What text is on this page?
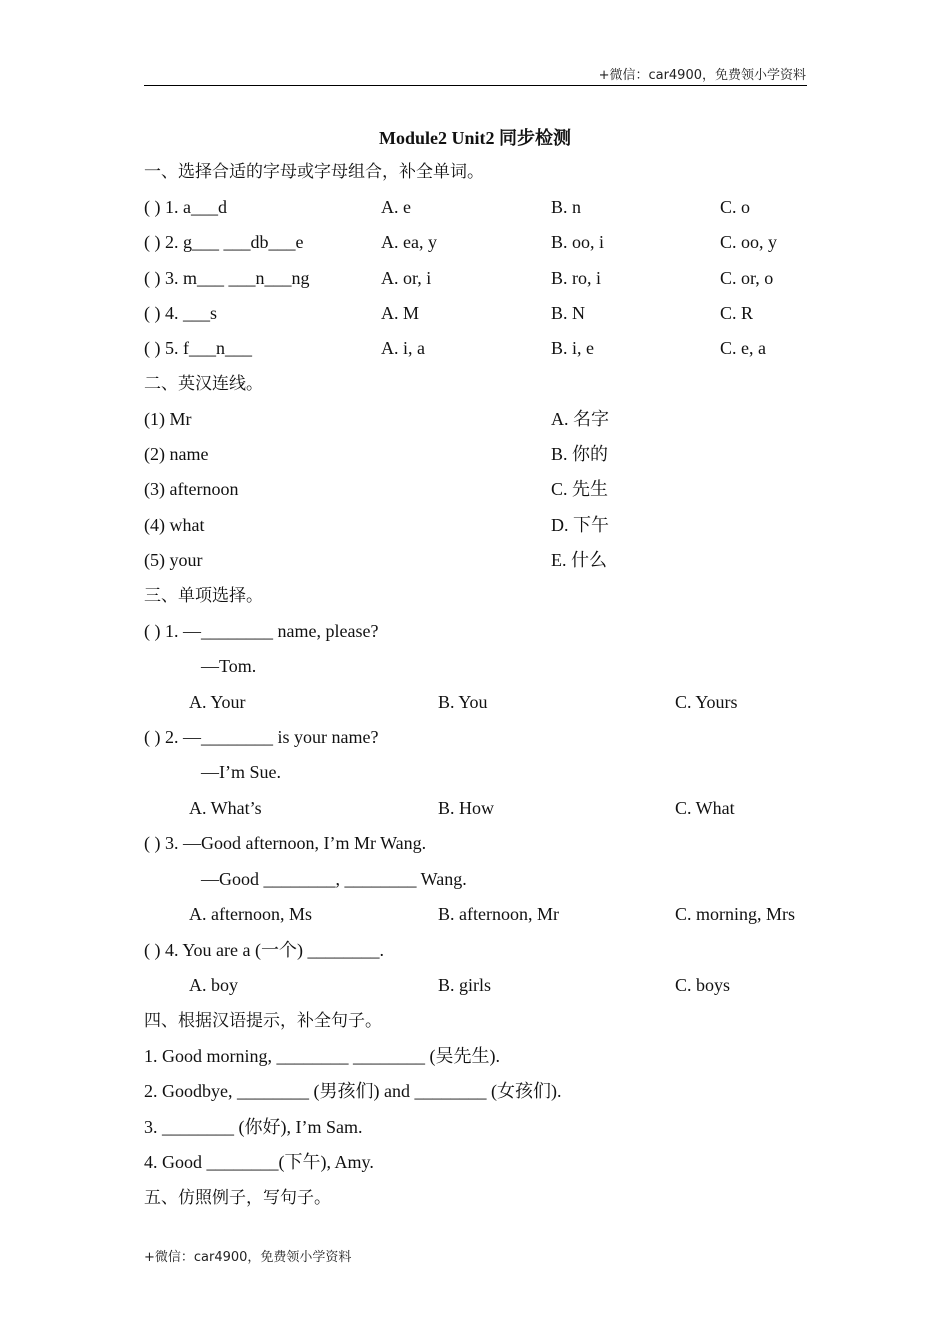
+微信：car4900，免费领小学资料
Module2 Unit2 同步检测
一、选择合适的字母或字母组合，补全单词。
( ) 1. a___d	A. e	B. n	C. o
( ) 2. g___ ___db___e	A. ea, y	B. oo, i	C. oo, y
( ) 3. m___ ___n___ng	A. or, i	B. ro, i	C. or, o
( ) 4. ___s	A. M	B. N	C. R
( ) 5. f___n___	A. i, a	B. i, e	C. e, a
二、英汉连线。
(1) Mr	A. 名字
(2) name	B. 你的
(3) afternoon	C. 先生
(4) what	D. 下午
(5) your	E. 什么
三、单项选择。
( ) 1. —________ name, please?
—Tom.
A. Your	B. You	C. Yours
( ) 2. —________ is your name?
—I’m Sue.
A. What’s	B. How	C. What
( ) 3. —Good afternoon, I’m Mr Wang.
—Good ________, ________ Wang.
A. afternoon, Ms	B. afternoon, Mr	C. morning, Mrs
( ) 4. You are a (一个) ________.
A. boy	B. girls	C. boys
四、根据汉语提示，补全句子。
1. Good morning, ________ ________ (吴先生).
2. Goodbye, ________ (男孩们) and ________ (女孩们).
3. ________ (你好), I’m Sam.
4. Good ________(下午), Amy.
五、仿照例子，写句子。
+微信：car4900，免费领小学资料
